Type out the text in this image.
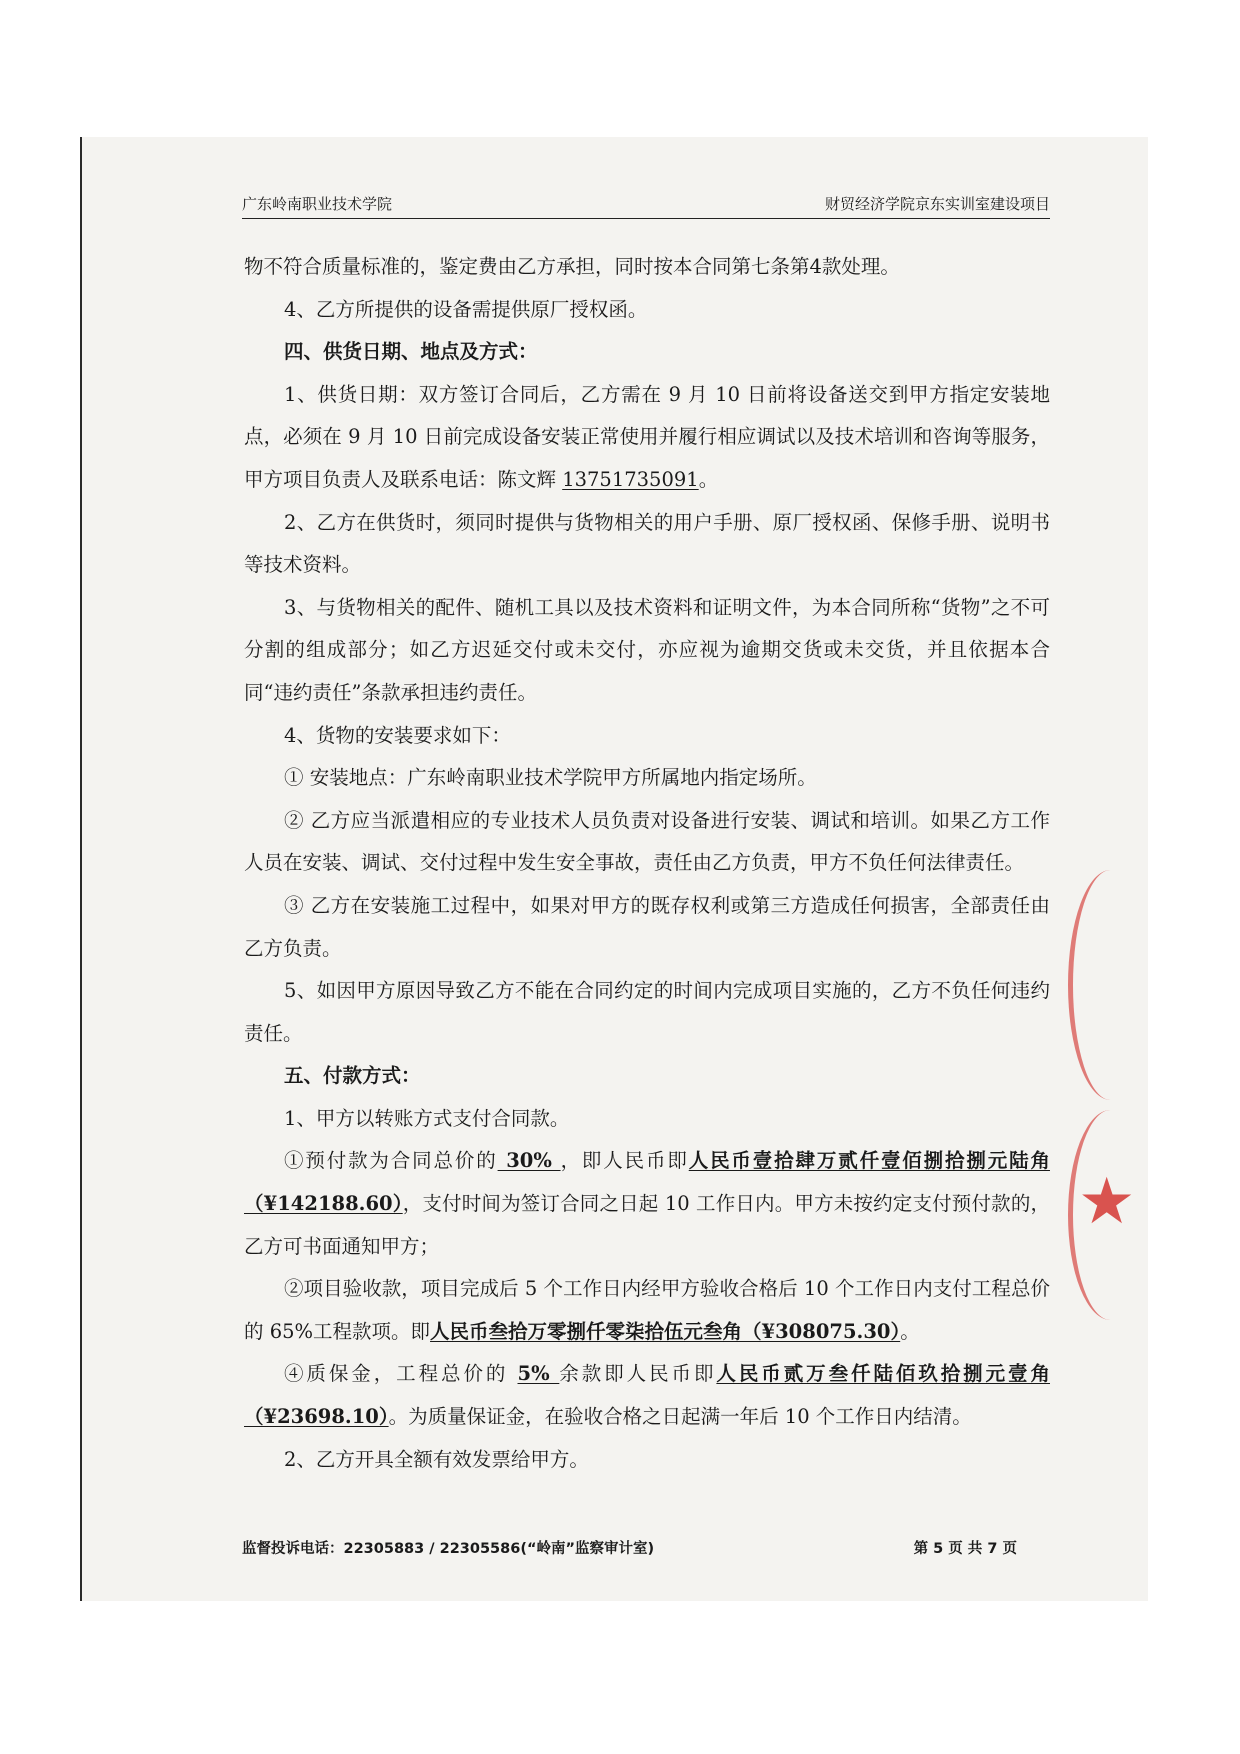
广东岭南职业技术学院	财贸经济学院京东实训室建设项目

物不符合质量标准的，鉴定费由乙方承担，同时按本合同第七条第4款处理。

4、乙方所提供的设备需提供原厂授权函。

四、供货日期、地点及方式：

1、供货日期：双方签订合同后，乙方需在 9 月 10 日前将设备送交到甲方指定安装地点，必须在 9 月 10 日前完成设备安装正常使用并履行相应调试以及技术培训和咨询等服务，甲方项目负责人及联系电话：陈文辉 13751735091。

2、乙方在供货时，须同时提供与货物相关的用户手册、原厂授权函、保修手册、说明书等技术资料。

3、与货物相关的配件、随机工具以及技术资料和证明文件，为本合同所称“货物”之不可分割的组成部分；如乙方迟延交付或未交付，亦应视为逾期交货或未交货，并且依据本合同“违约责任”条款承担违约责任。

4、货物的安装要求如下：

① 安装地点：广东岭南职业技术学院甲方所属地内指定场所。

② 乙方应当派遣相应的专业技术人员负责对设备进行安装、调试和培训。如果乙方工作人员在安装、调试、交付过程中发生安全事故，责任由乙方负责，甲方不负任何法律责任。

③ 乙方在安装施工过程中，如果对甲方的既存权利或第三方造成任何损害，全部责任由乙方负责。

5、如因甲方原因导致乙方不能在合同约定的时间内完成项目实施的，乙方不负任何违约责任。

五、付款方式：

1、甲方以转账方式支付合同款。

①预付款为合同总价的 30% ，即人民币即人民币壹拾肆万贰仟壹佰捌拾捌元陆角（¥142188.60），支付时间为签订合同之日起 10 工作日内。甲方未按约定支付预付款的，乙方可书面通知甲方；

②项目验收款，项目完成后 5 个工作日内经甲方验收合格后 10 个工作日内支付工程总价的 65%工程款项。即人民币叁拾万零捌仟零柒拾伍元叁角（¥308075.30）。

④质保金，工程总价的 5% 余款即人民币即人民币贰万叁仟陆佰玖拾捌元壹角（¥23698.10）。为质量保证金，在验收合格之日起满一年后 10 个工作日内结清。

2、乙方开具全额有效发票给甲方。

★
监督投诉电话：22305883 / 22305586(“岭南”监察审计室)	第 5 页 共 7 页
